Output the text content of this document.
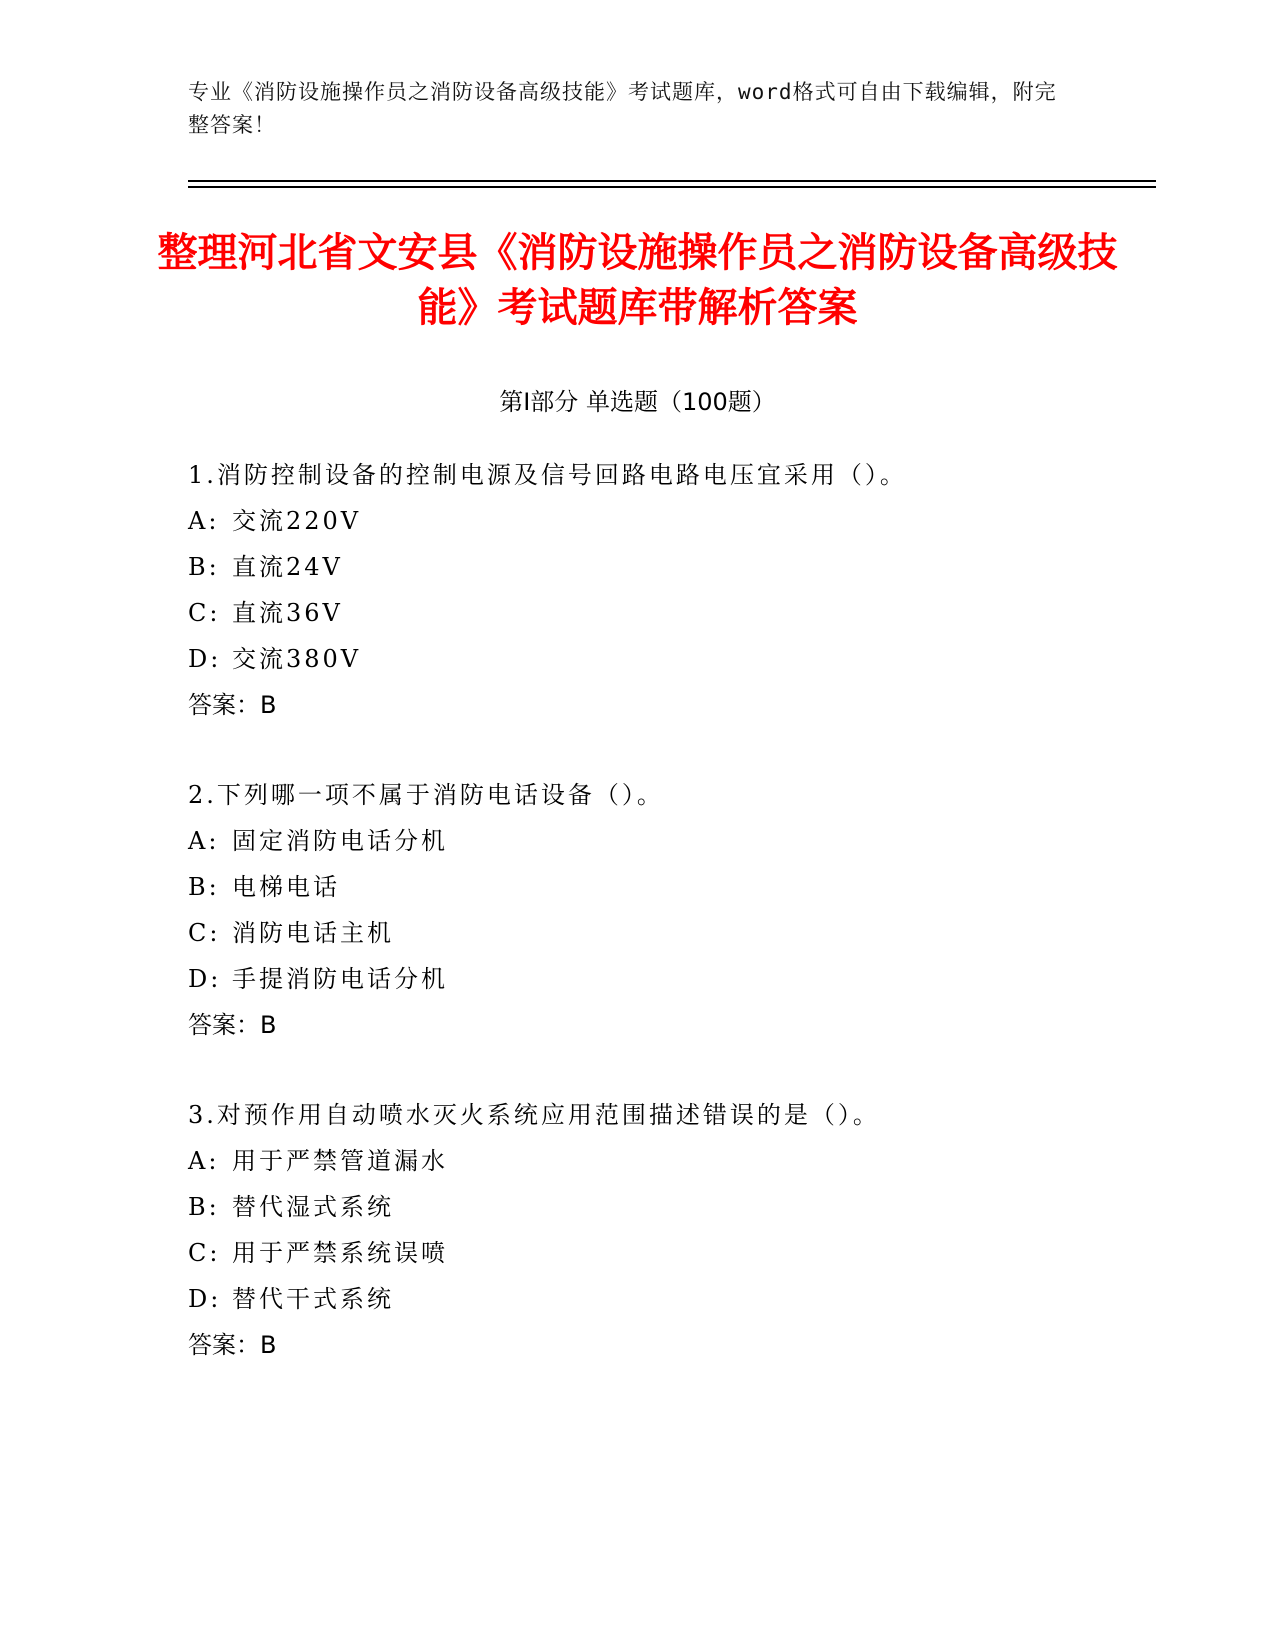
专业《消防设施操作员之消防设备高级技能》考试题库，word格式可自由下载编辑，附完整答案！
整理河北省文安县《消防设施操作员之消防设备高级技能》考试题库带解析答案
第Ⅰ部分 单选题（100题）
1.消防控制设备的控制电源及信号回路电路电压宜采用（）。
A: 交流220V
B: 直流24V
C: 直流36V
D: 交流380V
答案：B
2.下列哪一项不属于消防电话设备（）。
A: 固定消防电话分机
B: 电梯电话
C: 消防电话主机
D: 手提消防电话分机
答案：B
3.对预作用自动喷水灭火系统应用范围描述错误的是（）。
A: 用于严禁管道漏水
B: 替代湿式系统
C: 用于严禁系统误喷
D: 替代干式系统
答案：B
